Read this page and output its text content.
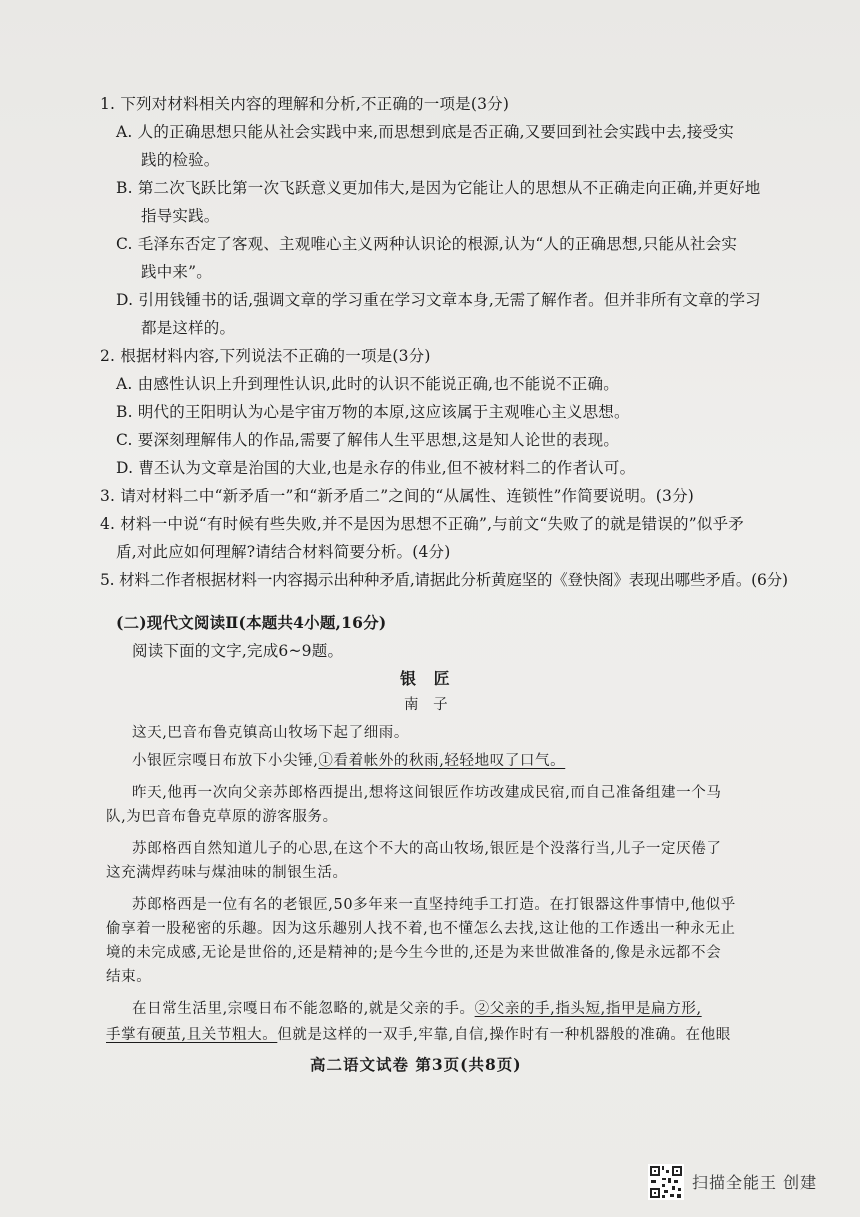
1. 下列对材料相关内容的理解和分析,不正确的一项是(3分)
A. 人的正确思想只能从社会实践中来,而思想到底是否正确,又要回到社会实践中去,接受实
践的检验。
B. 第二次飞跃比第一次飞跃意义更加伟大,是因为它能让人的思想从不正确走向正确,并更好地
指导实践。
C. 毛泽东否定了客观、主观唯心主义两种认识论的根源,认为“人的正确思想,只能从社会实
践中来”。
D. 引用钱锺书的话,强调文章的学习重在学习文章本身,无需了解作者。但并非所有文章的学习
都是这样的。
2. 根据材料内容,下列说法不正确的一项是(3分)
A. 由感性认识上升到理性认识,此时的认识不能说正确,也不能说不正确。
B. 明代的王阳明认为心是宇宙万物的本原,这应该属于主观唯心主义思想。
C. 要深刻理解伟人的作品,需要了解伟人生平思想,这是知人论世的表现。
D. 曹丕认为文章是治国的大业,也是永存的伟业,但不被材料二的作者认可。
3. 请对材料二中“新矛盾一”和“新矛盾二”之间的“从属性、连锁性”作简要说明。(3分)
4. 材料一中说“有时候有些失败,并不是因为思想不正确”,与前文“失败了的就是错误的”似乎矛
盾,对此应如何理解?请结合材料简要分析。(4分)
5. 材料二作者根据材料一内容揭示出种种矛盾,请据此分析黄庭坚的《登快阁》表现出哪些矛盾。(6分)
(二)现代文阅读Ⅱ(本题共4小题,16分)
阅读下面的文字,完成6~9题。
银 匠
南 子
这天,巴音布鲁克镇高山牧场下起了细雨。
小银匠宗嘎日布放下小尖锤,①看着帐外的秋雨,轻轻地叹了口气。
昨天,他再一次向父亲苏郎格西提出,想将这间银匠作坊改建成民宿,而自己准备组建一个马
队,为巴音布鲁克草原的游客服务。
苏郎格西自然知道儿子的心思,在这个不大的高山牧场,银匠是个没落行当,儿子一定厌倦了
这充满焊药味与煤油味的制银生活。
苏郎格西是一位有名的老银匠,50多年来一直坚持纯手工打造。在打银器这件事情中,他似乎
偷享着一股秘密的乐趣。因为这乐趣别人找不着,也不懂怎么去找,这让他的工作透出一种永无止
境的未完成感,无论是世俗的,还是精神的;是今生今世的,还是为来世做准备的,像是永远都不会
结束。
在日常生活里,宗嘎日布不能忽略的,就是父亲的手。②父亲的手,指头短,指甲是扁方形,
手掌有硬茧,且关节粗大。但就是这样的一双手,牢靠,自信,操作时有一种机器般的准确。在他眼
高二语文试卷 第3页(共8页)
扫描全能王 创建
